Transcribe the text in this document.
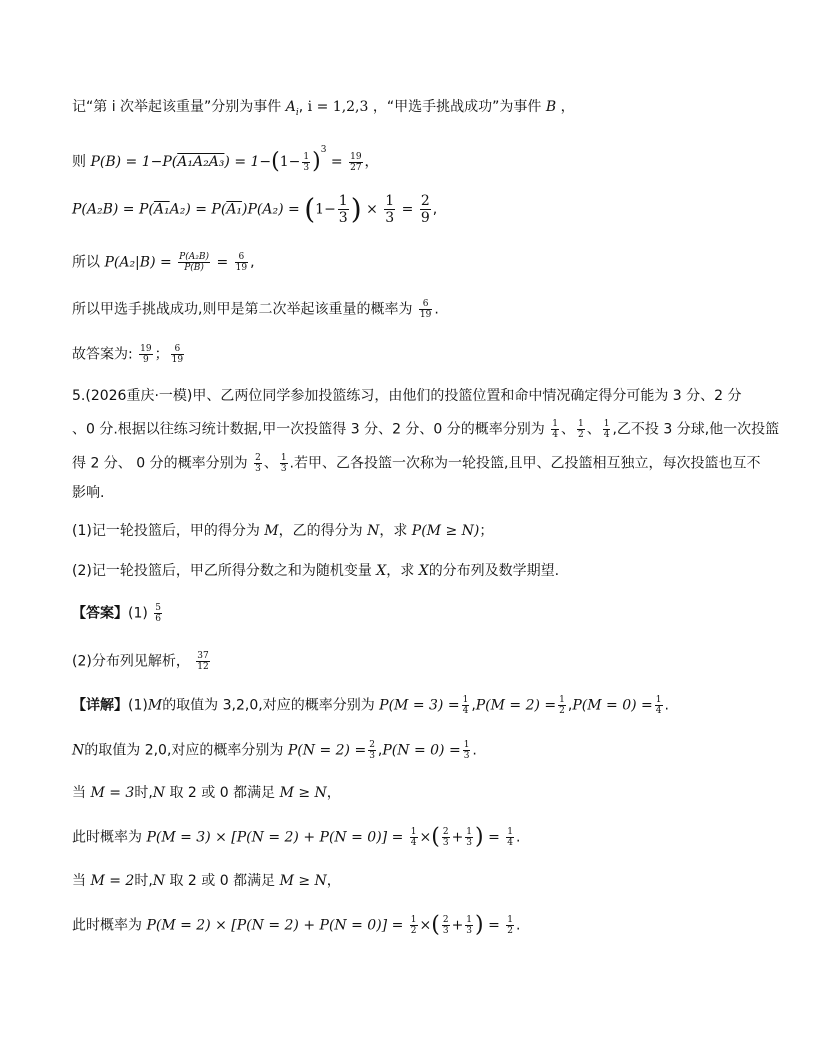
记“第 i 次举起该重量”分别为事件 $A_i$, i = 1,2,3 ，“甲选手挑战成功”为事件 B ，
则 $P(B) = 1-P(A_1A_2A_3) = 1-(1- \frac{1}{3} )^3 = \frac{19}{27}$ ，
$P(A_2B) = P(A_1A_2) = P(A_1)P(A_2) = (1- \frac{1}{3}$ ) × $\frac{1}{3} = \frac{2}{9}$ ,
所以 $P(A_2|B) = \frac{\text{P(A₂B)}}{P(B)} = \frac{6}{19}$ ,
所以甲选手挑战成功,则甲是第二次举起该重量的概率为 $\frac{6}{19}$ .
故答案为: $\frac{19}{9}$ ； $\frac{6}{19}$
5.(2026重庆·一模)甲、乙两位同学参加投篮练习，由他们的投篮位置和命中情况确定得分可能为 3 分、2 分
、0 分.根据以往练习统计数据,甲一次投篮得 3 分、2 分、0 分的概率分别为 $\frac{1}{4}$ 、 $\frac{1}{2}$ 、 $\frac{1}{4}$ ,乙不投 3 分球,他一次投篮
得 2 分、 0 分的概率分别为 $\frac{2}{3}$ 、 $\frac{1}{3}$ .若甲、乙各投篮一次称为一轮投篮,且甲、乙投篮相互独立，每次投篮也互不
影响.
(1)记一轮投篮后，甲的得分为 M，乙的得分为 N，求 P(M ≥ N)；
(2)记一轮投篮后，甲乙所得分数之和为随机变量 X，求 X的分布列及数学期望.
【答案】$(1) \frac{5}{6}$
(2)分布列见解析， $\frac{37}{12}$
【详解】(1)M的取值为 3,2,0,对应的概率分别为 $P(M = 3) = \frac{1}{4} ,P(M = 2) = \frac{1}{2} ,P(M = 0) = \frac{1}{4}$ .
N的取值为 2,0,对应的概率分别为 $P(N = 2) = \frac{2}{3} ,P(N = 0) = \frac{1}{3}$ .
当 M = 3时,N 取 2 或 0 都满足 M ≥ N，
此时概率为 $P(M = 3) \times [P(N = 2) + P(N = 0)] = \frac{1}{4}$ ×( $\frac{2}{3} + \frac{1}{3}$ ) = $\frac{1}{4}$ .
当 M = 2时,N 取 2 或 0 都满足 M ≥ N，
此时概率为 $P(M = 2) \times [P(N = 2) + P(N = 0)] = \frac{1}{2}$ ×( $\frac{2}{3} + \frac{1}{3}$ ) = $\frac{1}{2}$ .
